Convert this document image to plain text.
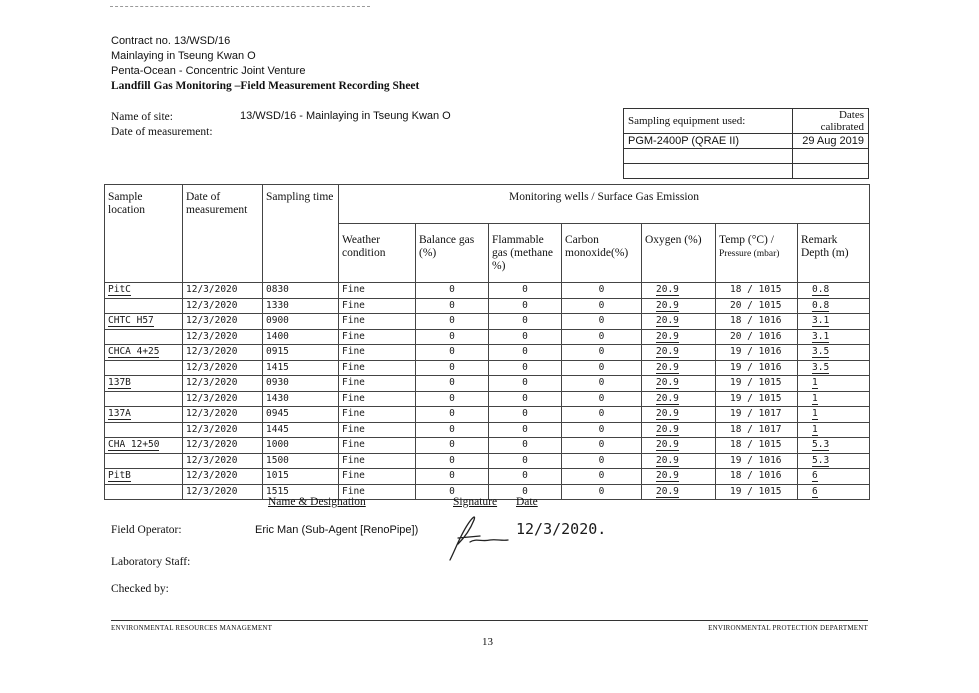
Contract no. 13/WSD/16
Mainlaying in Tseung Kwan O
Penta-Ocean - Concentric Joint Venture
Landfill Gas Monitoring –Field Measurement Recording Sheet
Name of site:
Date of measurement:
13/WSD/16 - Mainlaying in Tseung Kwan O	Sampling equipment used:	Dates calibrated
PGM-2400P (QRAE II)	29 Aug 2019

Sample location	Date of measurement	Sampling time	Monitoring wells / Surface Gas Emission						
			Weather condition	Balance gas (%)	Flammable gas (methane %)	Carbon monoxide(%)	Oxygen (%)	Temp (°C) /
Pressure (mbar)	Remark Depth (m)
PitC	12/3/2020	0830	Fine	0	0	0	20.9	18 / 1015	0.8
	12/3/2020	1330	Fine	0	0	0	20.9	20 / 1015	0.8
CHTC H57	12/3/2020	0900	Fine	0	0	0	20.9	18 / 1016	3.1
	12/3/2020	1400	Fine	0	0	0	20.9	20 / 1016	3.1
CHCA 4+25	12/3/2020	0915	Fine	0	0	0	20.9	19 / 1016	3.5
	12/3/2020	1415	Fine	0	0	0	20.9	19 / 1016	3.5
137B	12/3/2020	0930	Fine	0	0	0	20.9	19 / 1015	1
	12/3/2020	1430	Fine	0	0	0	20.9	19 / 1015	1
137A	12/3/2020	0945	Fine	0	0	0	20.9	19 / 1017	1
	12/3/2020	1445	Fine	0	0	0	20.9	18 / 1017	1
CHA 12+50	12/3/2020	1000	Fine	0	0	0	20.9	18 / 1015	5.3
	12/3/2020	1500	Fine	0	0	0	20.9	19 / 1016	5.3
PitB	12/3/2020	1015	Fine	0	0	0	20.9	18 / 1016	6
	12/3/2020	1515	Fine	0	0	0	20.9	19 / 1015	6
Name & Designation	Signature Date
Field Operator:	Eric Man (Sub-Agent [RenoPipe])	12/3/2020.
Laboratory Staff:
Checked by:
ENVIRONMENTAL RESOURCES MANAGEMENT	ENVIRONMENTAL PROTECTION DEPARTMENT
13
